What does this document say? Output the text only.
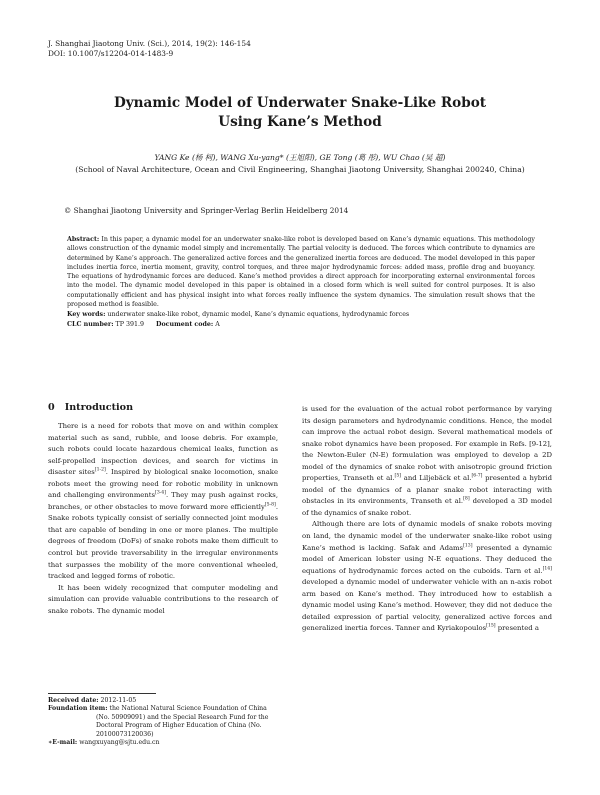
J. Shanghai Jiaotong Univ. (Sci.), 2014, 19(2): 146-154
DOI: 10.1007/s12204-014-1483-9
Dynamic Model of Underwater Snake-Like Robot
Using Kane’s Method
YANG Ke (杨 柯), WANG Xu-yang* (王旭阳), GE Tong (葛 彤), WU Chao (吴 超)
(School of Naval Architecture, Ocean and Civil Engineering, Shanghai Jiaotong University, Shanghai 200240, China)
© Shanghai Jiaotong University and Springer-Verlag Berlin Heidelberg 2014

Abstract: In this paper, a dynamic model for an underwater snake-like robot is developed based on Kane’s dynamic equations. This methodology allows construction of the dynamic model simply and incrementally. The partial velocity is deduced. The forces which contribute to dynamics are determined by Kane’s approach. The generalized active forces and the generalized inertia forces are deduced. The model developed in this paper includes inertia force, inertia moment, gravity, control torques, and three major hydrodynamic forces: added mass, profile drag and buoyancy. The equations of hydrodynamic forces are deduced. Kane’s method provides a direct approach for incorporating external environmental forces into the model. The dynamic model developed in this paper is obtained in a closed form which is well suited for control purposes. It is also computationally efficient and has physical insight into what forces really influence the system dynamics. The simulation result shows that the proposed method is feasible.

Key words: underwater snake-like robot, dynamic model, Kane’s dynamic equations, hydrodynamic forces

CLC number: TP 391.9 Document code: A

0 Introduction

There is a need for robots that move on and within complex material such as sand, rubble, and loose debris. For example, such robots could locate hazardous chemical leaks, function as self-propelled inspection devices, and search for victims in disaster sites[1-2]. Inspired by biological snake locomotion, snake robots meet the growing need for robotic mobility in unknown and challenging environments[3-4]. They may push against rocks, branches, or other obstacles to move forward more efficiently[5-8]. Snake robots typically consist of serially connected joint modules that are capable of bending in one or more planes. The multiple degrees of freedom (DoFs) of snake robots make them difficult to control but provide traversability in the irregular environments that surpasses the mobility of the more conventional wheeled, tracked and legged forms of robotic.

It has been widely recognized that computer modeling and simulation can provide valuable contributions to the research of snake robots. The dynamic model

Received date: 2012-11-05

Foundation item: the National Natural Science Foundation of China (No. 50909091) and the Special Research Fund for the Doctoral Program of Higher Education of China (No. 20100073120036)

∗E-mail: wangxuyang@sjtu.edu.cn

is used for the evaluation of the actual robot performance by varying its design parameters and hydrodynamic conditions. Hence, the model can improve the actual robot design. Several mathematical models of snake robot dynamics have been proposed. For example in Refs. [9-12], the Newton-Euler (N-E) formulation was employed to develop a 2D model of the dynamics of snake robot with anisotropic ground friction properties, Transeth et al.[5] and Liljebäck et al.[6-7] presented a hybrid model of the dynamics of a planar snake robot interacting with obstacles in its environments, Transeth et al.[8] developed a 3D model of the dynamics of snake robot.

Although there are lots of dynamic models of snake robots moving on land, the dynamic model of the underwater snake-like robot using Kane’s method is lacking. Safak and Adams[13] presented a dynamic model of American lobster using N-E equations. They deduced the equations of hydrodynamic forces acted on the cuboids. Tarn et al.[14] developed a dynamic model of underwater vehicle with an n-axis robot arm based on Kane’s method. They introduced how to establish a dynamic model using Kane’s method. However, they did not deduce the detailed expression of partial velocity, generalized active forces and generalized inertia forces. Tanner and Kyriakopoulos[15] presented a
